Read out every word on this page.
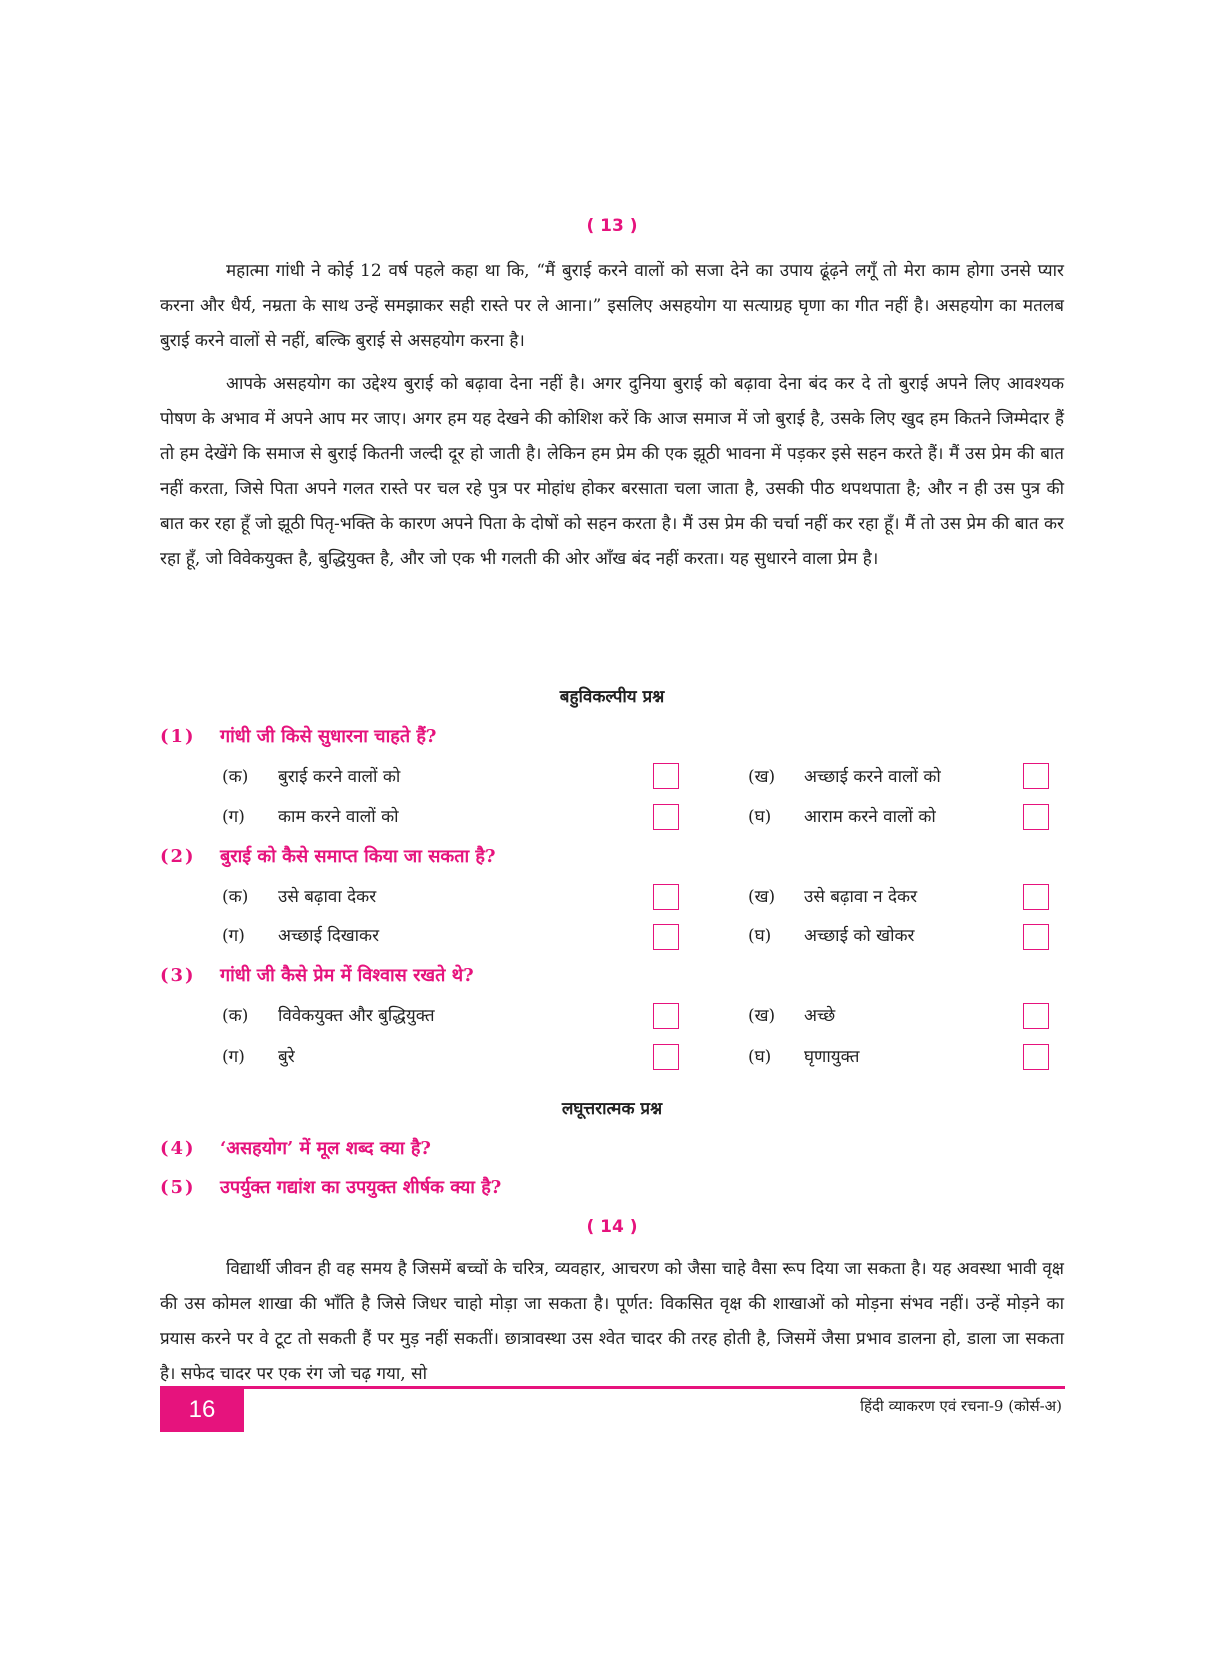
( 13 )

महात्मा गांधी ने कोई 12 वर्ष पहले कहा था कि, “मैं बुराई करने वालों को सजा देने का उपाय ढूंढ़ने लगूँ तो मेरा काम होगा उनसे प्यार करना और धैर्य, नम्रता के साथ उन्हें समझाकर सही रास्ते पर ले आना।” इसलिए असहयोग या सत्याग्रह घृणा का गीत नहीं है। असहयोग का मतलब बुराई करने वालों से नहीं, बल्कि बुराई से असहयोग करना है।

आपके असहयोग का उद्देश्य बुराई को बढ़ावा देना नहीं है। अगर दुनिया बुराई को बढ़ावा देना बंद कर दे तो बुराई अपने लिए आवश्यक पोषण के अभाव में अपने आप मर जाए। अगर हम यह देखने की कोशिश करें कि आज समाज में जो बुराई है, उसके लिए खुद हम कितने जिम्मेदार हैं तो हम देखेंगे कि समाज से बुराई कितनी जल्दी दूर हो जाती है। लेकिन हम प्रेम की एक झूठी भावना में पड़कर इसे सहन करते हैं। मैं उस प्रेम की बात नहीं करता, जिसे पिता अपने गलत रास्ते पर चल रहे पुत्र पर मोहांध होकर बरसाता चला जाता है, उसकी पीठ थपथपाता है; और न ही उस पुत्र की बात कर रहा हूँ जो झूठी पितृ-भक्ति के कारण अपने पिता के दोषों को सहन करता है। मैं उस प्रेम की चर्चा नहीं कर रहा हूँ। मैं तो उस प्रेम की बात कर रहा हूँ, जो विवेकयुक्त है, बुद्धियुक्त है, और जो एक भी गलती की ओर आँख बंद नहीं करता। यह सुधारने वाला प्रेम है।

बहुविकल्पीय प्रश्न
(1) गांधी जी किसे सुधारना चाहते हैं?
(क) बुराई करने वालों को	(ख) अच्छाई करने वालों को
(ग) काम करने वालों को	(घ) आराम करने वालों को
(2) बुराई को कैसे समाप्त किया जा सकता है?
(क) उसे बढ़ावा देकर	(ख) उसे बढ़ावा न देकर
(ग) अच्छाई दिखाकर	(घ) अच्छाई को खोकर
(3) गांधी जी कैसे प्रेम में विश्वास रखते थे?
(क) विवेकयुक्त और बुद्धियुक्त	(ख) अच्छे
(ग) बुरे	(घ) घृणायुक्त
लघूत्तरात्मक प्रश्न
(4) ‘असहयोग’ में मूल शब्द क्या है?
(5) उपर्युक्त गद्यांश का उपयुक्त शीर्षक क्या है?
( 14 )

विद्यार्थी जीवन ही वह समय है जिसमें बच्चों के चरित्र, व्यवहार, आचरण को जैसा चाहे वैसा रूप दिया जा सकता है। यह अवस्था भावी वृक्ष की उस कोमल शाखा की भाँति है जिसे जिधर चाहो मोड़ा जा सकता है। पूर्णत: विकसित वृक्ष की शाखाओं को मोड़ना संभव नहीं। उन्हें मोड़ने का प्रयास करने पर वे टूट तो सकती हैं पर मुड़ नहीं सकतीं। छात्रावस्था उस श्वेत चादर की तरह होती है, जिसमें जैसा प्रभाव डालना हो, डाला जा सकता है। सफेद चादर पर एक रंग जो चढ़ गया, सो

16	हिंदी व्याकरण एवं रचना-9 (कोर्स-अ)
